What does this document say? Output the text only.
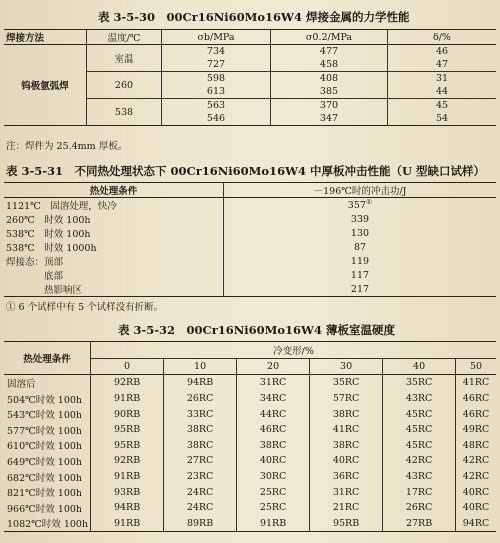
表 3-5-30　00Cr16Ni60Mo16W4 焊接金属的力学性能
焊接方法	温度/℃	σb/MPa	σ0.2/MPa	δ/%
钨极氩弧焊	室温	734	477	46
		727	458	47
	260	598	408	31
		613	385	44
	538	563	370	45
		546	347	54
注：焊件为 25.4mm 厚板。
表 3-5-31　不同热处理状态下 00Cr16Ni60Mo16W4 中厚板冲击性能（U 型缺口试样）
热处理条件	－196℃时的冲击功/J
1121℃　固溶处理，快冷	357①
260℃　时效 100h	339
538℃　时效 100h	130
538℃　时效 1000h	87
焊接态：顶部	119
　　　　底部	117
　　　　热影响区	217
① 6 个试样中有 5 个试样没有折断。
表 3-5-32　00Cr16Ni60Mo16W4 薄板室温硬度
热处理条件	冷变形/%					
	0	10	20	30	40	50
固溶后	92RB	94RB	31RC	35RC	35RC	41RC
504℃时效 100h	91RB	26RC	34RC	57RC	43RC	46RC
543℃时效 100h	90RB	33RC	44RC	38RC	45RC	46RC
577℃时效 100h	95RB	38RC	46RC	41RC	45RC	49RC
610℃时效 100h	95RB	38RC	38RC	38RC	45RC	48RC
649℃时效 100h	92RB	27RC	40RC	40RC	42RC	42RC
682℃时效 100h	91RB	23RC	30RC	36RC	43RC	42RC
821℃时效 100h	93RB	24RC	25RC	31RC	17RC	40RC
966℃时效 100h	94RB	24RC	25RC	21RC	26RC	40RC
1082℃时效 100h	91RB	89RB	91RB	95RB	27RB	94RC
